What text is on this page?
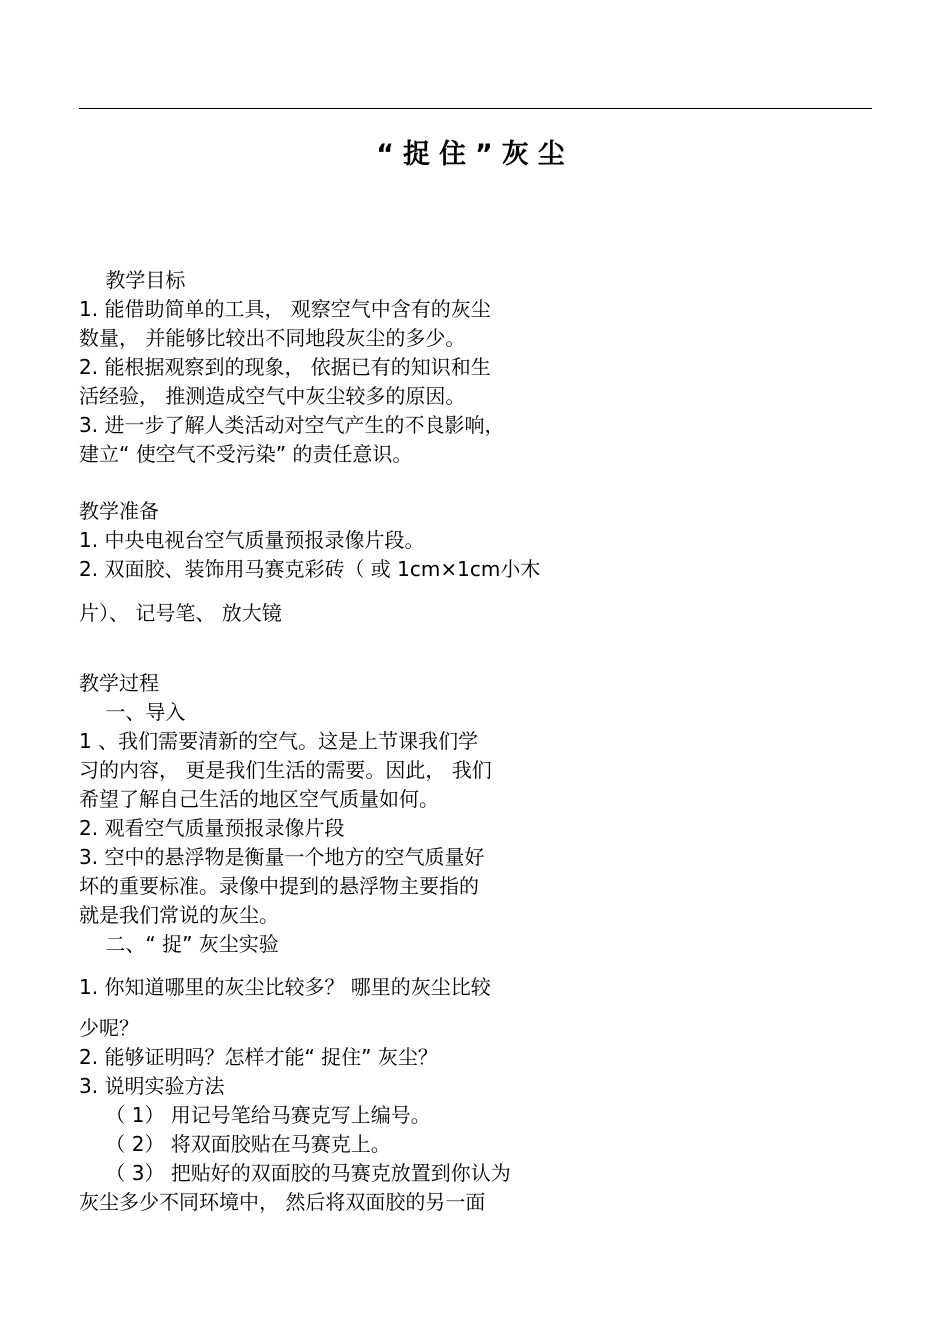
“捉住”灰尘
　 教学目标
1. 能借助简单的工具， 观察空气中含有的灰尘
数量， 并能够比较出不同地段灰尘的多少。
2. 能根据观察到的现象， 依据已有的知识和生
活经验， 推测造成空气中灰尘较多的原因。
3. 进一步了解人类活动对空气产生的不良影响，
建立“ 使空气不受污染” 的责任意识。
教学准备
1. 中央电视台空气质量预报录像片段。
2. 双面胶、装饰用马赛克彩砖（ 或 1cm×1cm小木
片）、 记号笔、 放大镜
教学过程
　 一、导入
1 、我们需要清新的空气。这是上节课我们学
习的内容， 更是我们生活的需要。因此， 我们
希望了解自己生活的地区空气质量如何。
2. 观看空气质量预报录像片段
3. 空中的悬浮物是衡量一个地方的空气质量好
坏的重要标准。录像中提到的悬浮物主要指的
就是我们常说的灰尘。
　 二、“ 捉” 灰尘实验
1. 你知道哪里的灰尘比较多？ 哪里的灰尘比较
少呢？
2. 能够证明吗？怎样才能“ 捉住” 灰尘？
3. 说明实验方法
　 （ 1） 用记号笔给马赛克写上编号。
　 （ 2） 将双面胶贴在马赛克上。
　 （ 3） 把贴好的双面胶的马赛克放置到你认为
灰尘多少不同环境中， 然后将双面胶的另一面
